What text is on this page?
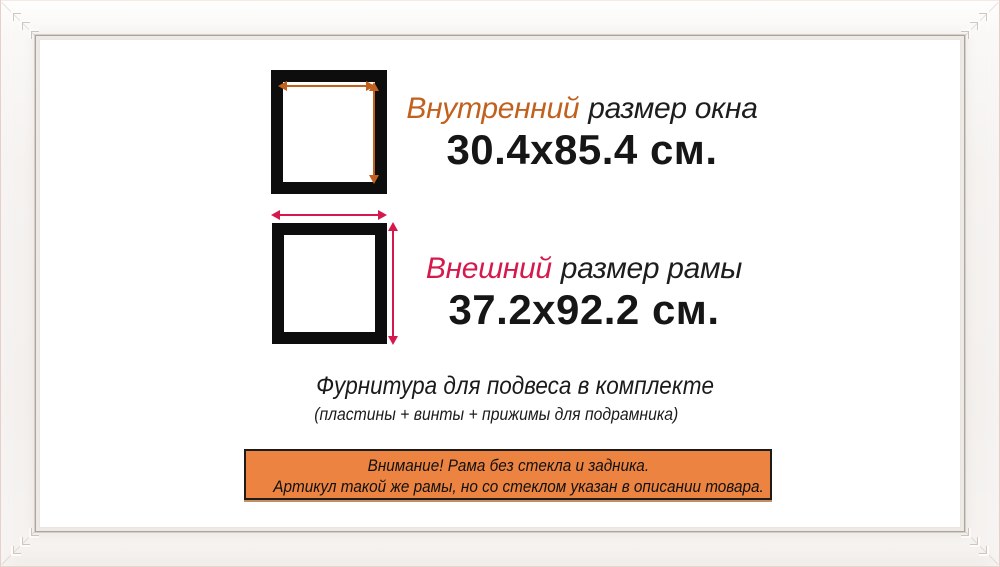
Внутренний размер окна
30.4x85.4 см.
Внешний размер рамы
37.2x92.2 см.
Фурнитура для подвеса в комплекте
(пластины + винты + прижимы для подрамника)
Внимание! Рама без стекла и задника.
Артикул такой же рамы, но со стеклом указан в описании товара.
